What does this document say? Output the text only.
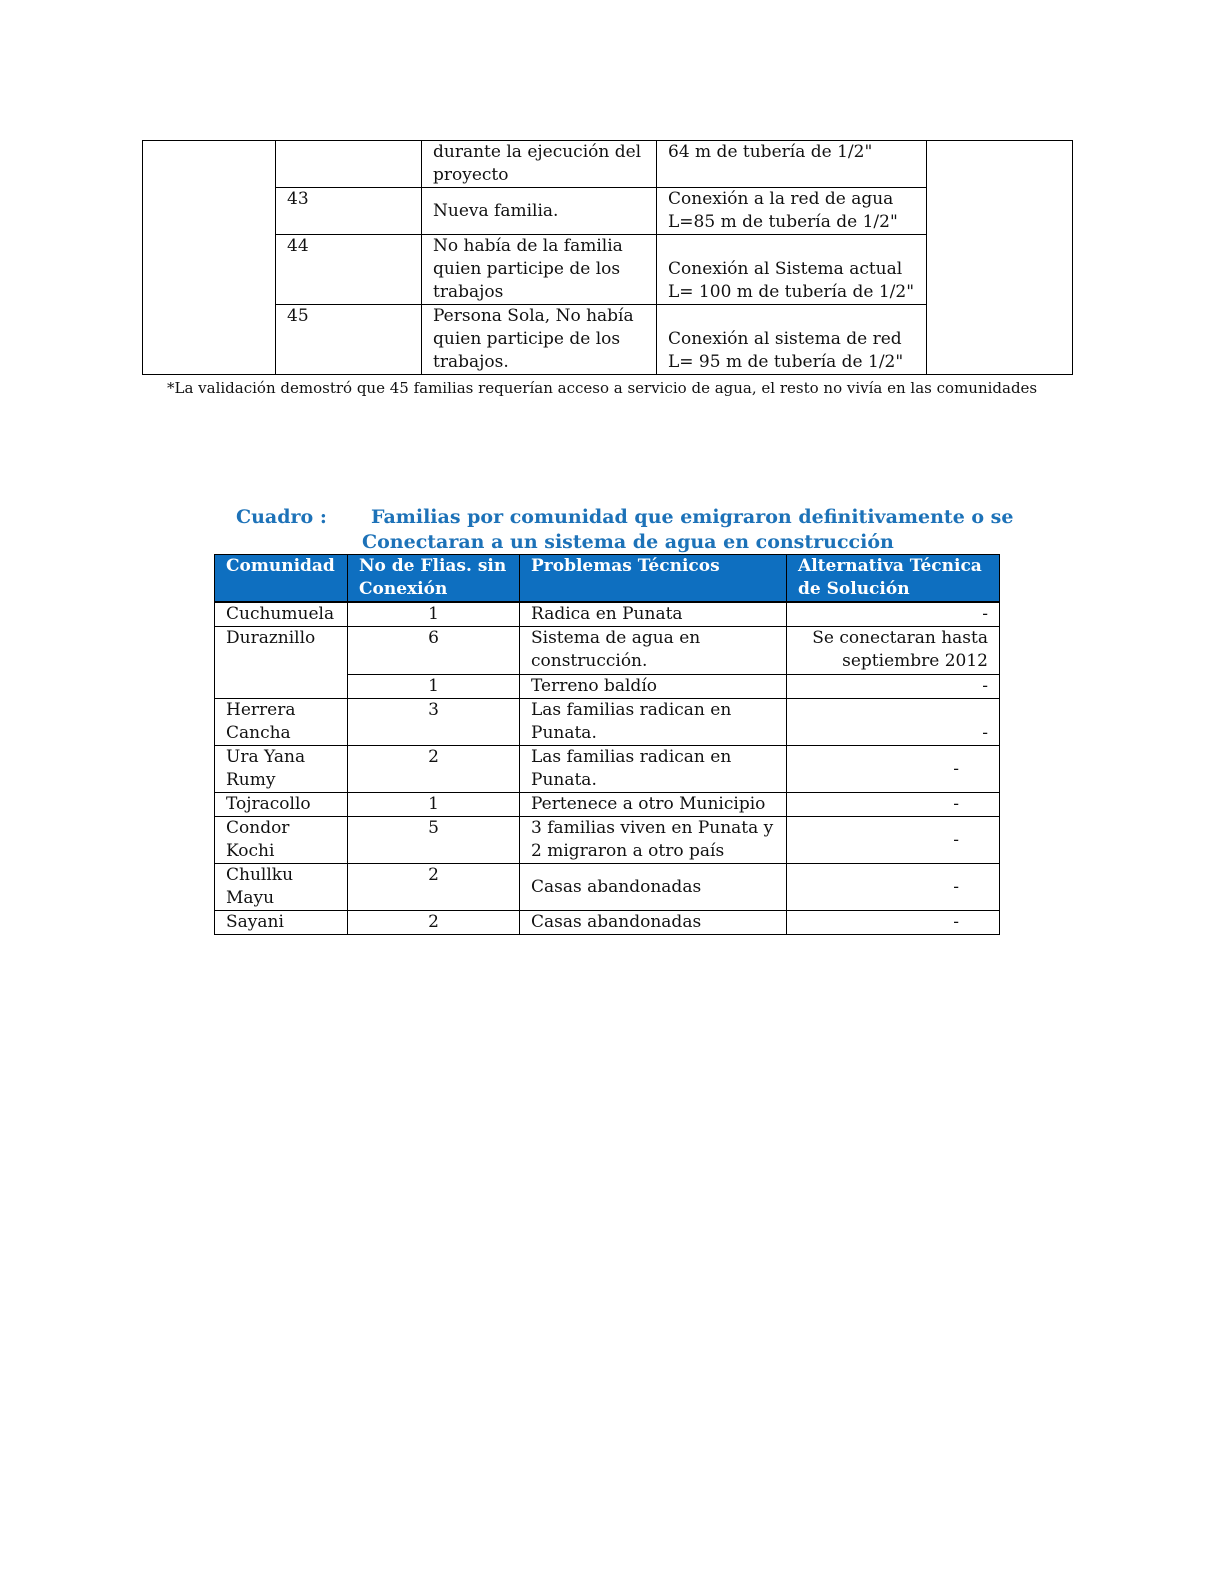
		durante la ejecución del proyecto	64 m de tubería de 1/2"	
	43	Nueva familia.	Conexión a la red de agua
L=85 m de tubería de 1/2"	

	44	No había de la familia quien participe de los trabajos	Conexión al Sistema actual
L= 100 m de tubería de 1/2"	

	45	Persona Sola, No había quien participe de los trabajos.	Conexión al sistema de red
L= 95 m de tubería de 1/2"	
*La validación demostró que 45 familias requerían acceso a servicio de agua, el resto no vivía en las comunidades
Cuadro : Familias por comunidad que emigraron definitivamente o se
Conectaran a un sistema de agua en construcción
Comunidad	No de Flias. sin Conexión	Problemas Técnicos	Alternativa Técnica de Solución
Cuchumuela	1	Radica en Punata	-
Duraznillo	6	Sistema de agua en construcción.	Se conectaran hasta septiembre 2012
	1	Terreno baldío	-
Herrera Cancha	3	Las familias radican en Punata.	-
Ura Yana Rumy	2	Las familias radican en Punata.	-
Tojracollo	1	Pertenece a otro Municipio	-
Condor Kochi	5	3 familias viven en Punata y 2 migraron a otro país	-
Chullku Mayu	2	Casas abandonadas	-
Sayani	2	Casas abandonadas	-
